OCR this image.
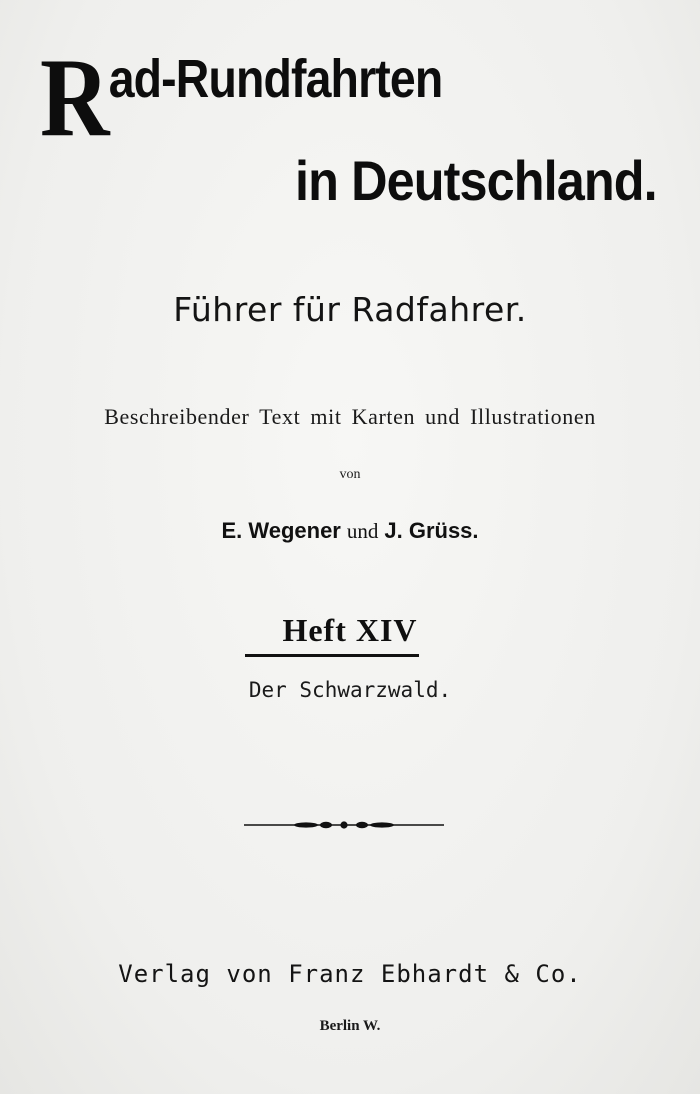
Rad-Rundfahrten
in Deutschland.
Führer für Radfahrer.
Beschreibender Text mit Karten und Illustrationen
von
E. Wegener und J. Grüss.
Heft XIV
Der Schwarzwald.
Verlag von Franz Ebhardt & Co.
Berlin W.
